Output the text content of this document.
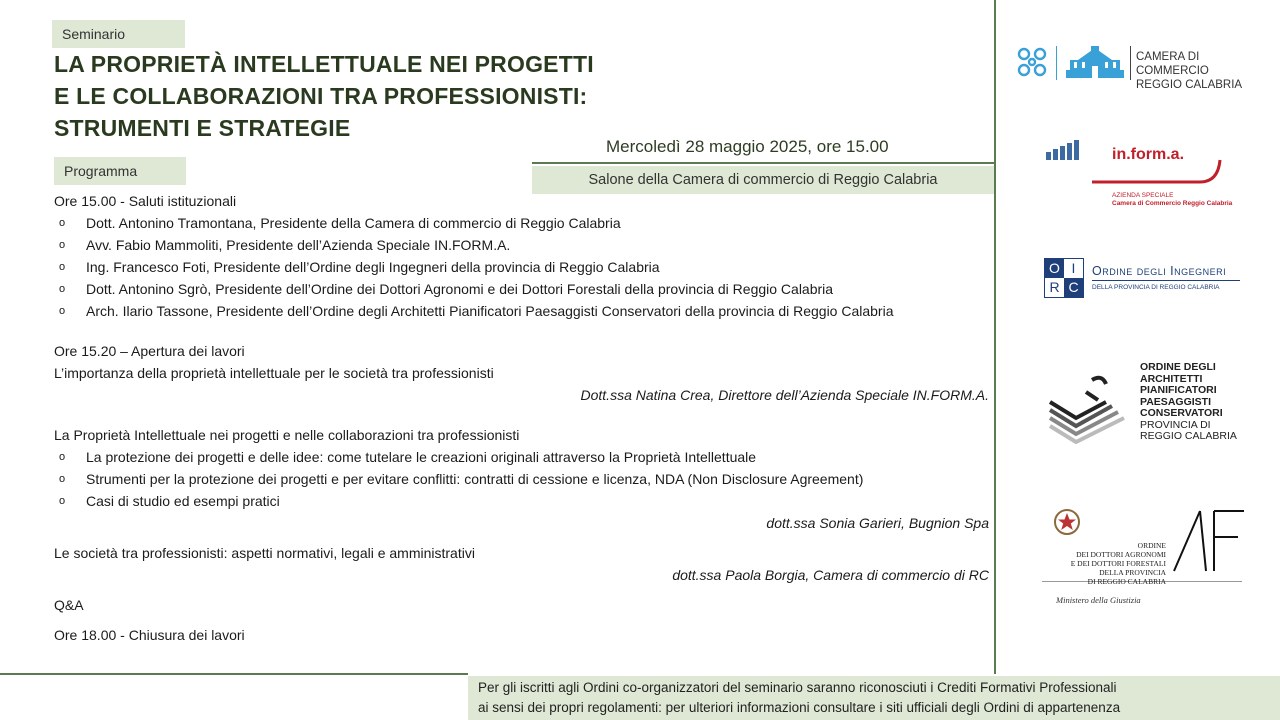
Seminario
LA PROPRIETÀ INTELLETTUALE NEI PROGETTI
E LE COLLABORAZIONI TRA PROFESSIONISTI:
STRUMENTI E STRATEGIE
Mercoledì 28 maggio 2025, ore 15.00
Salone della Camera di commercio di Reggio Calabria
Programma
Ore 15.00 - Saluti istituzionali
o Dott. Antonino Tramontana, Presidente della Camera di commercio di Reggio Calabria
o Avv. Fabio Mammoliti, Presidente dell’Azienda Speciale IN.FORM.A.
o Ing. Francesco Foti, Presidente dell’Ordine degli Ingegneri della provincia di Reggio Calabria
o Dott. Antonino Sgrò, Presidente dell’Ordine dei Dottori Agronomi e dei Dottori Forestali della provincia di Reggio Calabria
o Arch. Ilario Tassone, Presidente dell’Ordine degli Architetti Pianificatori Paesaggisti Conservatori della provincia di Reggio Calabria
Ore 15.20 – Apertura dei lavori
L’importanza della proprietà intellettuale per le società tra professionisti
Dott.ssa Natina Crea, Direttore dell’Azienda Speciale IN.FORM.A.
La Proprietà Intellettuale nei progetti e nelle collaborazioni tra professionisti
o La protezione dei progetti e delle idee: come tutelare le creazioni originali attraverso la Proprietà Intellettuale
o Strumenti per la protezione dei progetti e per evitare conflitti: contratti di cessione e licenza, NDA (Non Disclosure Agreement)
o Casi di studio ed esempi pratici
dott.ssa Sonia Garieri, Bugnion Spa
Le società tra professionisti: aspetti normativi, legali e amministrativi
dott.ssa Paola Borgia, Camera di commercio di RC
Q&A
Ore 18.00 - Chiusura dei lavori
Per gli iscritti agli Ordini co-organizzatori del seminario saranno riconosciuti i Crediti Formativi Professionali
ai sensi dei propri regolamenti: per ulteriori informazioni consultare i siti ufficiali degli Ordini di appartenenza
CAMERA DI COMMERCIO
REGGIO CALABRIA
in.form.a.
AZIENDA SPECIALE
Camera di Commercio Reggio Calabria
O I
R C
Ordine degli Ingegneri
DELLA PROVINCIA DI REGGIO CALABRIA
ORDINE DEGLI
ARCHITETTI
PIANIFICATORI
PAESAGGISTI
CONSERVATORI
PROVINCIA DI
REGGIO CALABRIA
ORDINE
DEI DOTTORI AGRONOMI
E DEI DOTTORI FORESTALI
DELLA PROVINCIA
DI REGGIO CALABRIA
Ministero della Giustizia
